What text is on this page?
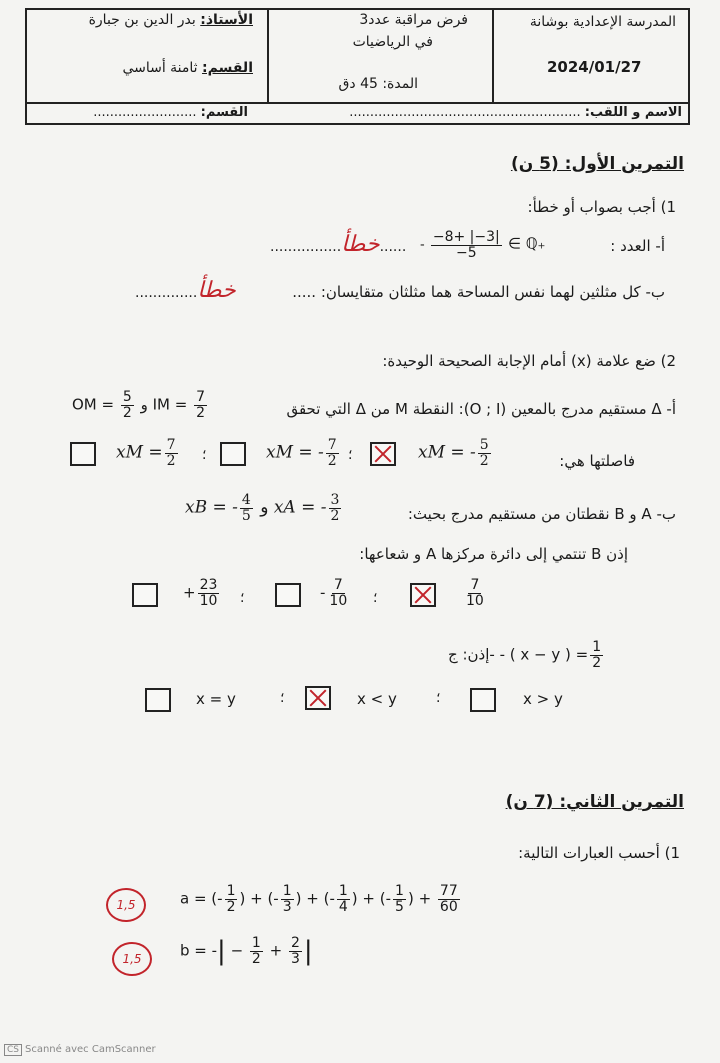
المدرسة الإعدادية بوشانة
2024/01/27
فرض مراقبة عدد3
في الرياضيات
المدة: 45 دق
الأستاذ: بدر الدين بن جبارة
القسم: ثامنة أساسي
الاسم و اللقب: ........................................................
القسم: .........................
التمرين الأول: (5 ن)
1) أجب بصواب أو خطأ:
أ- العدد :
- $\frac{-8+ |-3|}{-5}$ ∈ ℚ₊
................خطأ......
ب- كل مثلثين لهما نفس المساحة هما مثلثان متقايسان: .....
..............خطأ
2) ضع علامة (x) أمام الإجابة الصحيحة الوحيدة:
أ- Δ مستقيم مدرج بالمعين (O ; I): النقطة M من Δ التي تحقق
OM = $\frac{5}{2}$ و IM = $\frac{7}{2}$
فاصلتها هي:
xM = - $\frac{5}{2}$
؛
xM = - $\frac{7}{2}$
؛
xM = $\frac{7}{2}$
ب- A و B نقطتان من مستقيم مدرج بحيث:
xB = - $\frac{4}{5}$ و xA = - $\frac{3}{2}$
إذن B تنتمي إلى دائرة مركزها A و شعاعها:
$\frac{7}{10}$
؛
- $\frac{7}{10}$
؛
+ $\frac{23}{10}$
إذن: ج- - ( x − y ) = $\frac{1}{2}$
x > y
؛
x < y
؛
x = y
التمرين الثاني: (7 ن)
1) أحسب العبارات التالية:
1,5	a = (- $\frac{1}{2}$ ) + (- $\frac{1}{3}$ ) + (- $\frac{1}{4}$ ) + (- $\frac{1}{5}$ ) + $\frac{77}{60}$
1,5	b = -| − $\frac{1}{2} + \frac{2}{3}$ |
CS Scanné avec CamScanner
